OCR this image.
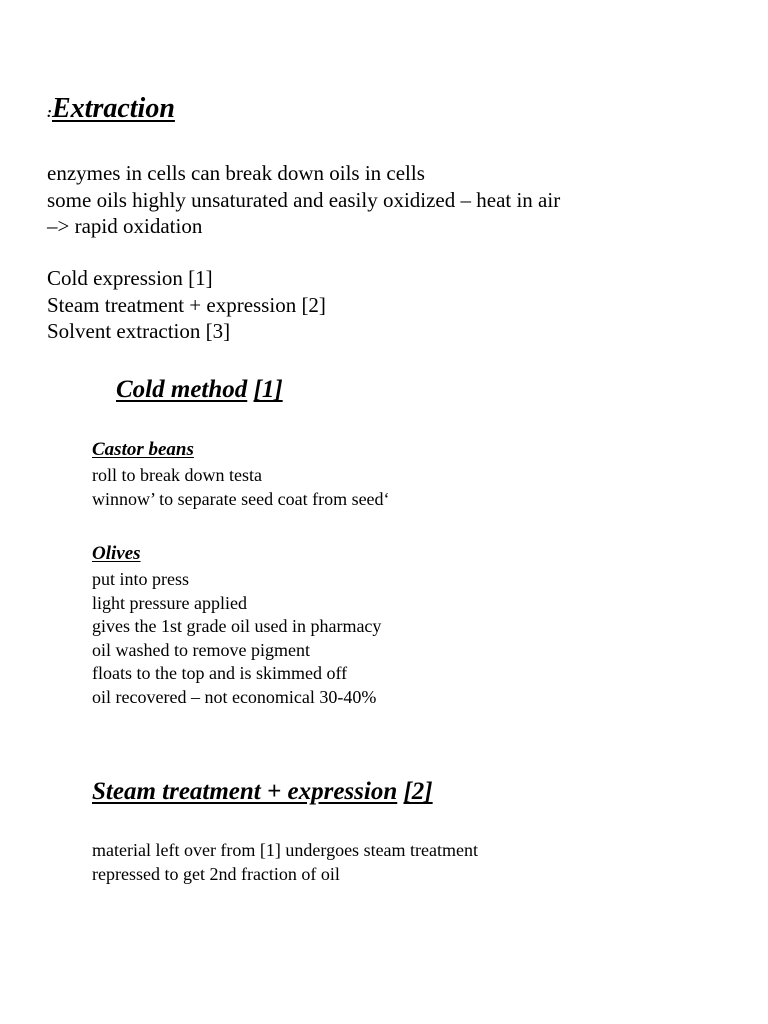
:Extraction
enzymes in cells can break down oils in cells
some oils highly unsaturated and easily oxidized – heat in air
–> rapid oxidation
Cold expression [1]
Steam treatment + expression [2]
Solvent extraction [3]
Cold method [1]
Castor beans
roll to break down testa
winnow’ to separate seed coat from seed‘
Olives
put into press
light pressure applied
gives the 1st grade oil used in pharmacy
oil washed to remove pigment
floats to the top and is skimmed off
oil recovered – not economical 30-40%
Steam treatment + expression [2]
material left over from [1] undergoes steam treatment
repressed to get 2nd fraction of oil
